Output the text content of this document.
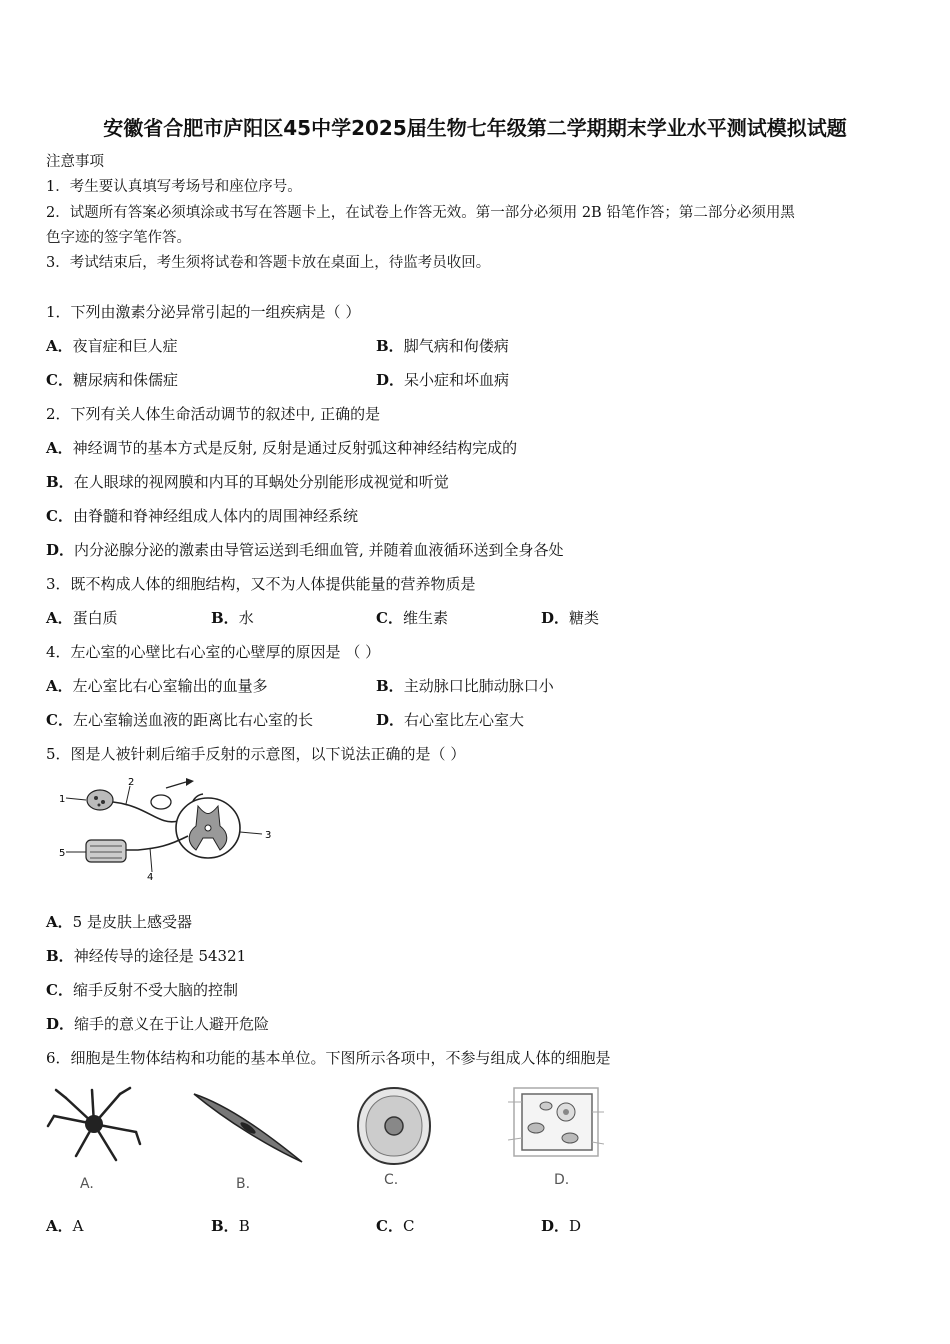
安徽省合肥市庐阳区45中学2025届生物七年级第二学期期末学业水平测试模拟试题
注意事项
1．考生要认真填写考场号和座位序号。
2．试题所有答案必须填涂或书写在答题卡上，在试卷上作答无效。第一部分必须用 2B 铅笔作答；第二部分必须用黑
色字迹的签字笔作答。
3．考试结束后，考生须将试卷和答题卡放在桌面上，待监考员收回。
1．下列由激素分泌异常引起的一组疾病是（ ）
A．夜盲症和巨人症	B．脚气病和佝偻病
C．糖尿病和侏儒症	D．呆小症和坏血病
2．下列有关人体生命活动调节的叙述中, 正确的是
A．神经调节的基本方式是反射, 反射是通过反射弧这种神经结构完成的
B．在人眼球的视网膜和内耳的耳蜗处分别能形成视觉和听觉
C．由脊髓和脊神经组成人体内的周围神经系统
D．内分泌腺分泌的激素由导管运送到毛细血管, 并随着血液循环送到全身各处
3．既不构成人体的细胞结构，又不为人体提供能量的营养物质是
A．蛋白质	B．水	C．维生素	D．糖类
4．左心室的心壁比右心室的心壁厚的原因是 （ ）
A．左心室比右心室输出的血量多	B．主动脉口比肺动脉口小
C．左心室输送血液的距离比右心室的长	D．右心室比左心室大
5．图是人被针刺后缩手反射的示意图，以下说法正确的是（ ）
1
2
3
4
5
A．5 是皮肤上感受器
B．神经传导的途径是 54321
C．缩手反射不受大脑的控制
D．缩手的意义在于让人避开危险
6．细胞是生物体结构和功能的基本单位。下图所示各项中，不参与组成人体的细胞是
A.	B.	C.	D.
A．A	B．B	C．C	D．D
